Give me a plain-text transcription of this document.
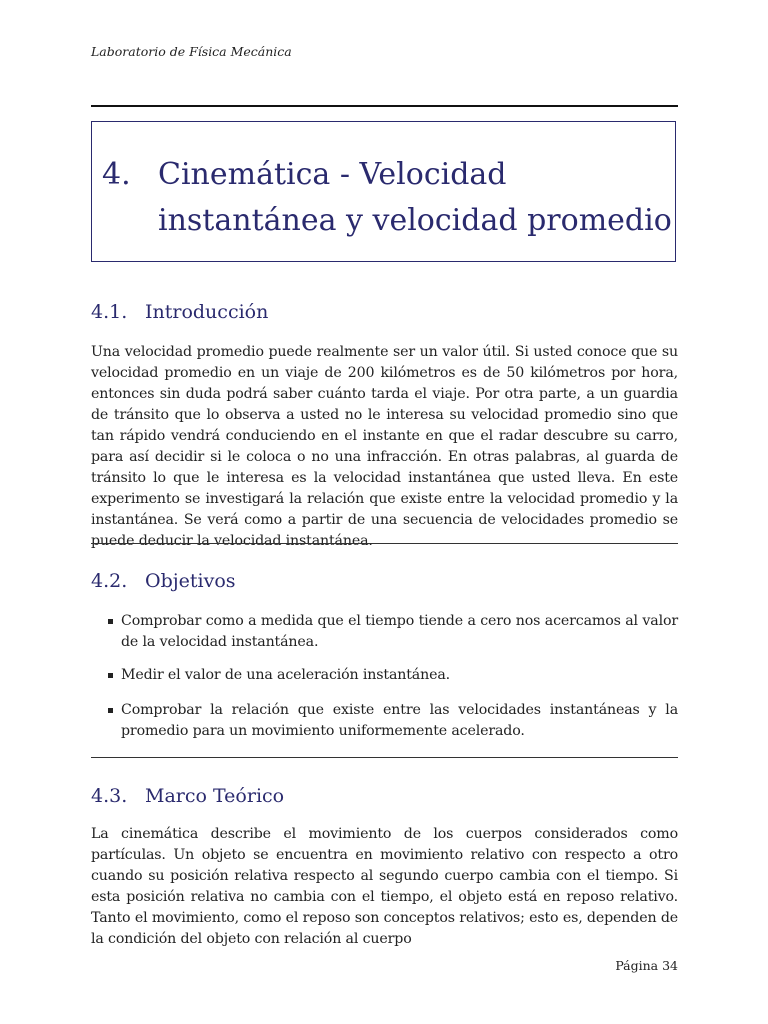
Laboratorio de Física Mecánica
4. Cinemática - Velocidad instantánea y velocidad promedio
4.1. Introducción
Una velocidad promedio puede realmente ser un valor útil. Si usted conoce que su velocidad promedio en un viaje de 200 kilómetros es de 50 kilómetros por hora, entonces sin duda podrá saber cuánto tarda el viaje. Por otra parte, a un guardia de tránsito que lo observa a usted no le interesa su velocidad promedio sino que tan rápido vendrá conduciendo en el instante en que el radar descubre su carro, para así decidir si le coloca o no una infracción. En otras palabras, al guarda de tránsito lo que le interesa es la velocidad instantánea que usted lleva. En este experimento se investigará la relación que existe entre la velocidad promedio y la instantánea. Se verá como a partir de una secuencia de velocidades promedio se puede deducir la velocidad instantánea.
4.2. Objetivos
Comprobar como a medida que el tiempo tiende a cero nos acercamos al valor de la velocidad instantánea.
Medir el valor de una aceleración instantánea.
Comprobar la relación que existe entre las velocidades instantáneas y la promedio para un movimiento uniformemente acelerado.
4.3. Marco Teórico
La cinemática describe el movimiento de los cuerpos considerados como partículas. Un objeto se encuentra en movimiento relativo con respecto a otro cuando su posición relativa respecto al segundo cuerpo cambia con el tiempo. Si esta posición relativa no cambia con el tiempo, el objeto está en reposo relativo. Tanto el movimiento, como el reposo son conceptos relativos; esto es, dependen de la condición del objeto con relación al cuerpo
Página 34
